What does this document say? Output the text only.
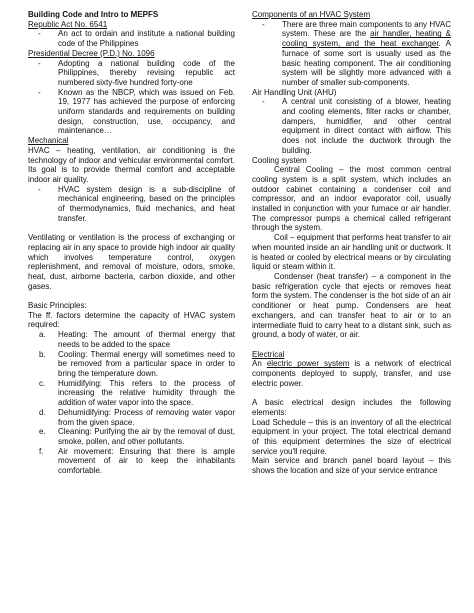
Building Code and Intro to MEPFS

Republic Act No. 6541

- An act to ordain and institute a national building code of the Philippines

Presidential Decree (P.D.) No. 1096

- Adopting a national building code of the Philippines, thereby revising republic act numbered sixty-five hundred forty-one
- Known as the NBCP, which was issued on Feb. 19, 1977 has achieved the purpose of enforcing uniform standards and requirements on building design, construction, use, occupancy, and maintenance…

Mechanical

HVAC – heating, ventilation, air conditioning is the technology of indoor and vehicular environmental comfort. Its goal is to provide thermal comfort and acceptable indoor air quality.

- HVAC system design is a sub-discipline of mechanical engineering, based on the principles of thermodynamics, fluid mechanics, and heat transfer.

Ventilating or ventilation is the process of exchanging or replacing air in any space to provide high indoor air quality which involves temperature control, oxygen replenishment, and removal of moisture, odors, smoke, heat, dust, airborne bacteria, carbon dioxide, and other gases.

Basic Principles:

The ff. factors determine the capacity of HVAC system required:

a. Heating: The amount of thermal energy that needs to be added to the space
b. Cooling: Thermal energy will sometimes need to be removed from a particular space in order to bring the temperature down.
c. Humidifying: This refers to the process of increasing the relative humidity through the addition of water vapor into the space.
d. Dehumidifying: Process of removing water vapor from the given space.
e. Cleaning: Purifying the air by the removal of dust, smoke, pollen, and other pollutants.
f. Air movement: Ensuring that there is ample movement of air to keep the inhabitants comfortable.

Components of an HVAC System

- There are three main components to any HVAC system. These are the air handler, heating & cooling system, and the heat exchanger. A furnace of some sort is usually used as the basic heating component. The air conditioning system will be slightly more advanced with a number of smaller sub-components.

Air Handling Unit (AHU)

- A central unit consisting of a blower, heating and cooling elements, filter racks or chamber, dampers, humidifier, and other central equipment in direct contact with airflow. This does not include the ductwork through the building.

Cooling system

Central Cooling – the most common central cooling system is a split system, which includes an outdoor cabinet containing a condenser coil and compressor, and an indoor evaporator coil, usually installed in conjunction with your furnace or air handler. The compressor pumps a chemical called refrigerant through the system.

Coil – equipment that performs heat transfer to air when mounted inside an air handling unit or ductwork. It is heated or cooled by electrical means or by circulating liquid or steam within it.

Condenser (heat transfer) – a component in the basic refrigeration cycle that ejects or removes heat form the system. The condenser is the hot side of an air conditioner or heat pump. Condensers are heat exchangers, and can transfer heat to air or to an intermediate fluid to carry heat to a distant sink, such as ground, a body of water, or air.

Electrical

An electric power system is a network of electrical components deployed to supply, transfer, and use electric power.

A basic electrical design includes the following elements:

Load Schedule – this is an inventory of all the electrical equipment in your project. The total electrical demand of this equipment determines the size of electrical service you'll require.

Main service and branch panel board layout – this shows the location and size of your service entrance
